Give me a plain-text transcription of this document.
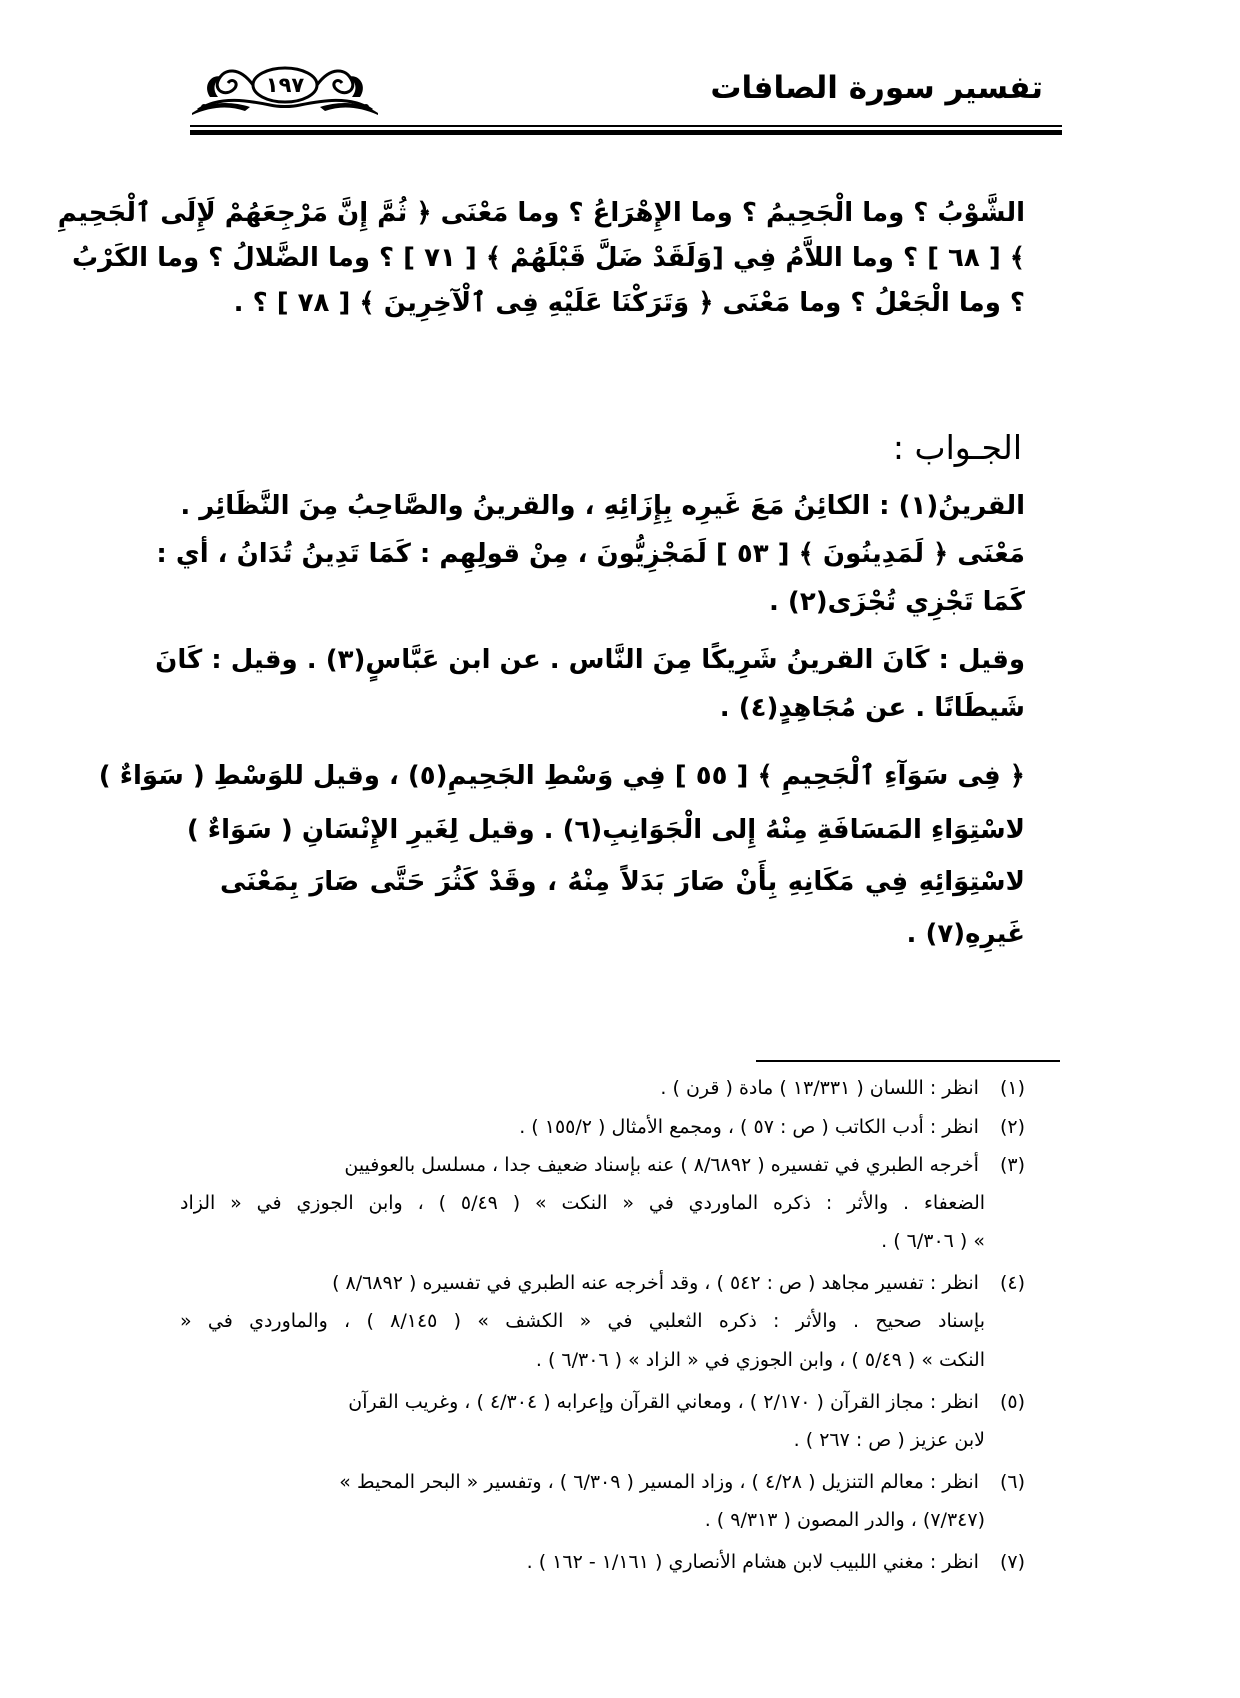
تفسير سورة الصافات
١٩٧
الشَّوْبُ ؟ وما الْجَحِيمُ ؟ وما الإِهْرَاعُ ؟ وما مَعْنَى ﴿ ثُمَّ إِنَّ مَرْجِعَهُمْ لَإِلَى ٱلْجَحِيمِ
﴾ [ ٦٨ ] ؟ وما اللاَّمُ فِي [وَلَقَدْ ضَلَّ قَبْلَهُمْ ﴾ [ ٧١ ] ؟ وما الضَّلالُ ؟ وما الكَرْبُ
؟ وما الْجَعْلُ ؟ وما مَعْنَى ﴿ وَتَرَكْنَا عَلَيْهِ فِى ٱلْآخِرِينَ ﴾ [ ٧٨ ] ؟ .
الجـواب :
القرينُ(١) : الكائِنُ مَعَ غَيرِه بِإِزَائِهِ ، والقرينُ والصَّاحِبُ مِنَ النَّظَائِر .
مَعْنَى ﴿ لَمَدِينُونَ ﴾ [ ٥٣ ] لَمَجْزِيُّونَ ، مِنْ قولِهِم : كَمَا تَدِينُ تُدَانُ ، أي :
كَمَا تَجْزِي تُجْزَى(٢) .
وقيل : كَانَ القرينُ شَرِيكًا مِنَ النَّاس . عن ابن عَبَّاسٍ(٣) . وقيل : كَانَ
شَيطَانًا . عن مُجَاهِدٍ(٤) .
﴿ فِى سَوَآءِ ٱلْجَحِيمِ ﴾ [ ٥٥ ] فِي وَسْطِ الجَحِيمِ(٥) ، وقيل للوَسْطِ ( سَوَاءٌ )
لاسْتِوَاءِ المَسَافَةِ مِنْهُ إِلى الْجَوَانِبِ(٦) . وقيل لِغَيرِ الإِنْسَانِ ( سَوَاءٌ )
لاسْتِوَائِهِ فِي مَكَانِهِ بِأَنْ صَارَ بَدَلاً مِنْهُ ، وقَدْ كَثُرَ حَتَّى صَارَ بِمَعْنَى
غَيرِهِ(٧) .
(١) انظر : اللسان ( ١٣/٣٣١ ) مادة ( قرن ) .
(٢) انظر : أدب الكاتب ( ص : ٥٧ ) ، ومجمع الأمثال ( ١٥٥/٢ ) .
(٣) أخرجه الطبري في تفسيره ( ٨/٦٨٩٢ ) عنه بإسناد ضعيف جدا ، مسلسل بالعوفيين
الضعفاء . والأثر : ذكره الماوردي في « النكت » ( ٥/٤٩ ) ، وابن الجوزي في « الزاد
» ( ٦/٣٠٦ ) .
(٤) انظر : تفسير مجاهد ( ص : ٥٤٢ ) ، وقد أخرجه عنه الطبري في تفسيره ( ٨/٦٨٩٢ )
بإسناد صحيح . والأثر : ذكره الثعلبي في « الكشف » ( ٨/١٤٥ ) ، والماوردي في «
النكت » ( ٥/٤٩ ) ، وابن الجوزي في « الزاد » ( ٦/٣٠٦ ) .
(٥) انظر : مجاز القرآن ( ٢/١٧٠ ) ، ومعاني القرآن وإعرابه ( ٤/٣٠٤ ) ، وغريب القرآن
لابن عزيز ( ص : ٢٦٧ ) .
(٦) انظر : معالم التنزيل ( ٤/٢٨ ) ، وزاد المسير ( ٦/٣٠٩ ) ، وتفسير « البحر المحيط »
(٧/٣٤٧) ، والدر المصون ( ٩/٣١٣ ) .
(٧) انظر : مغني اللبيب لابن هشام الأنصاري ( ١/١٦١ - ١٦٢ ) .
